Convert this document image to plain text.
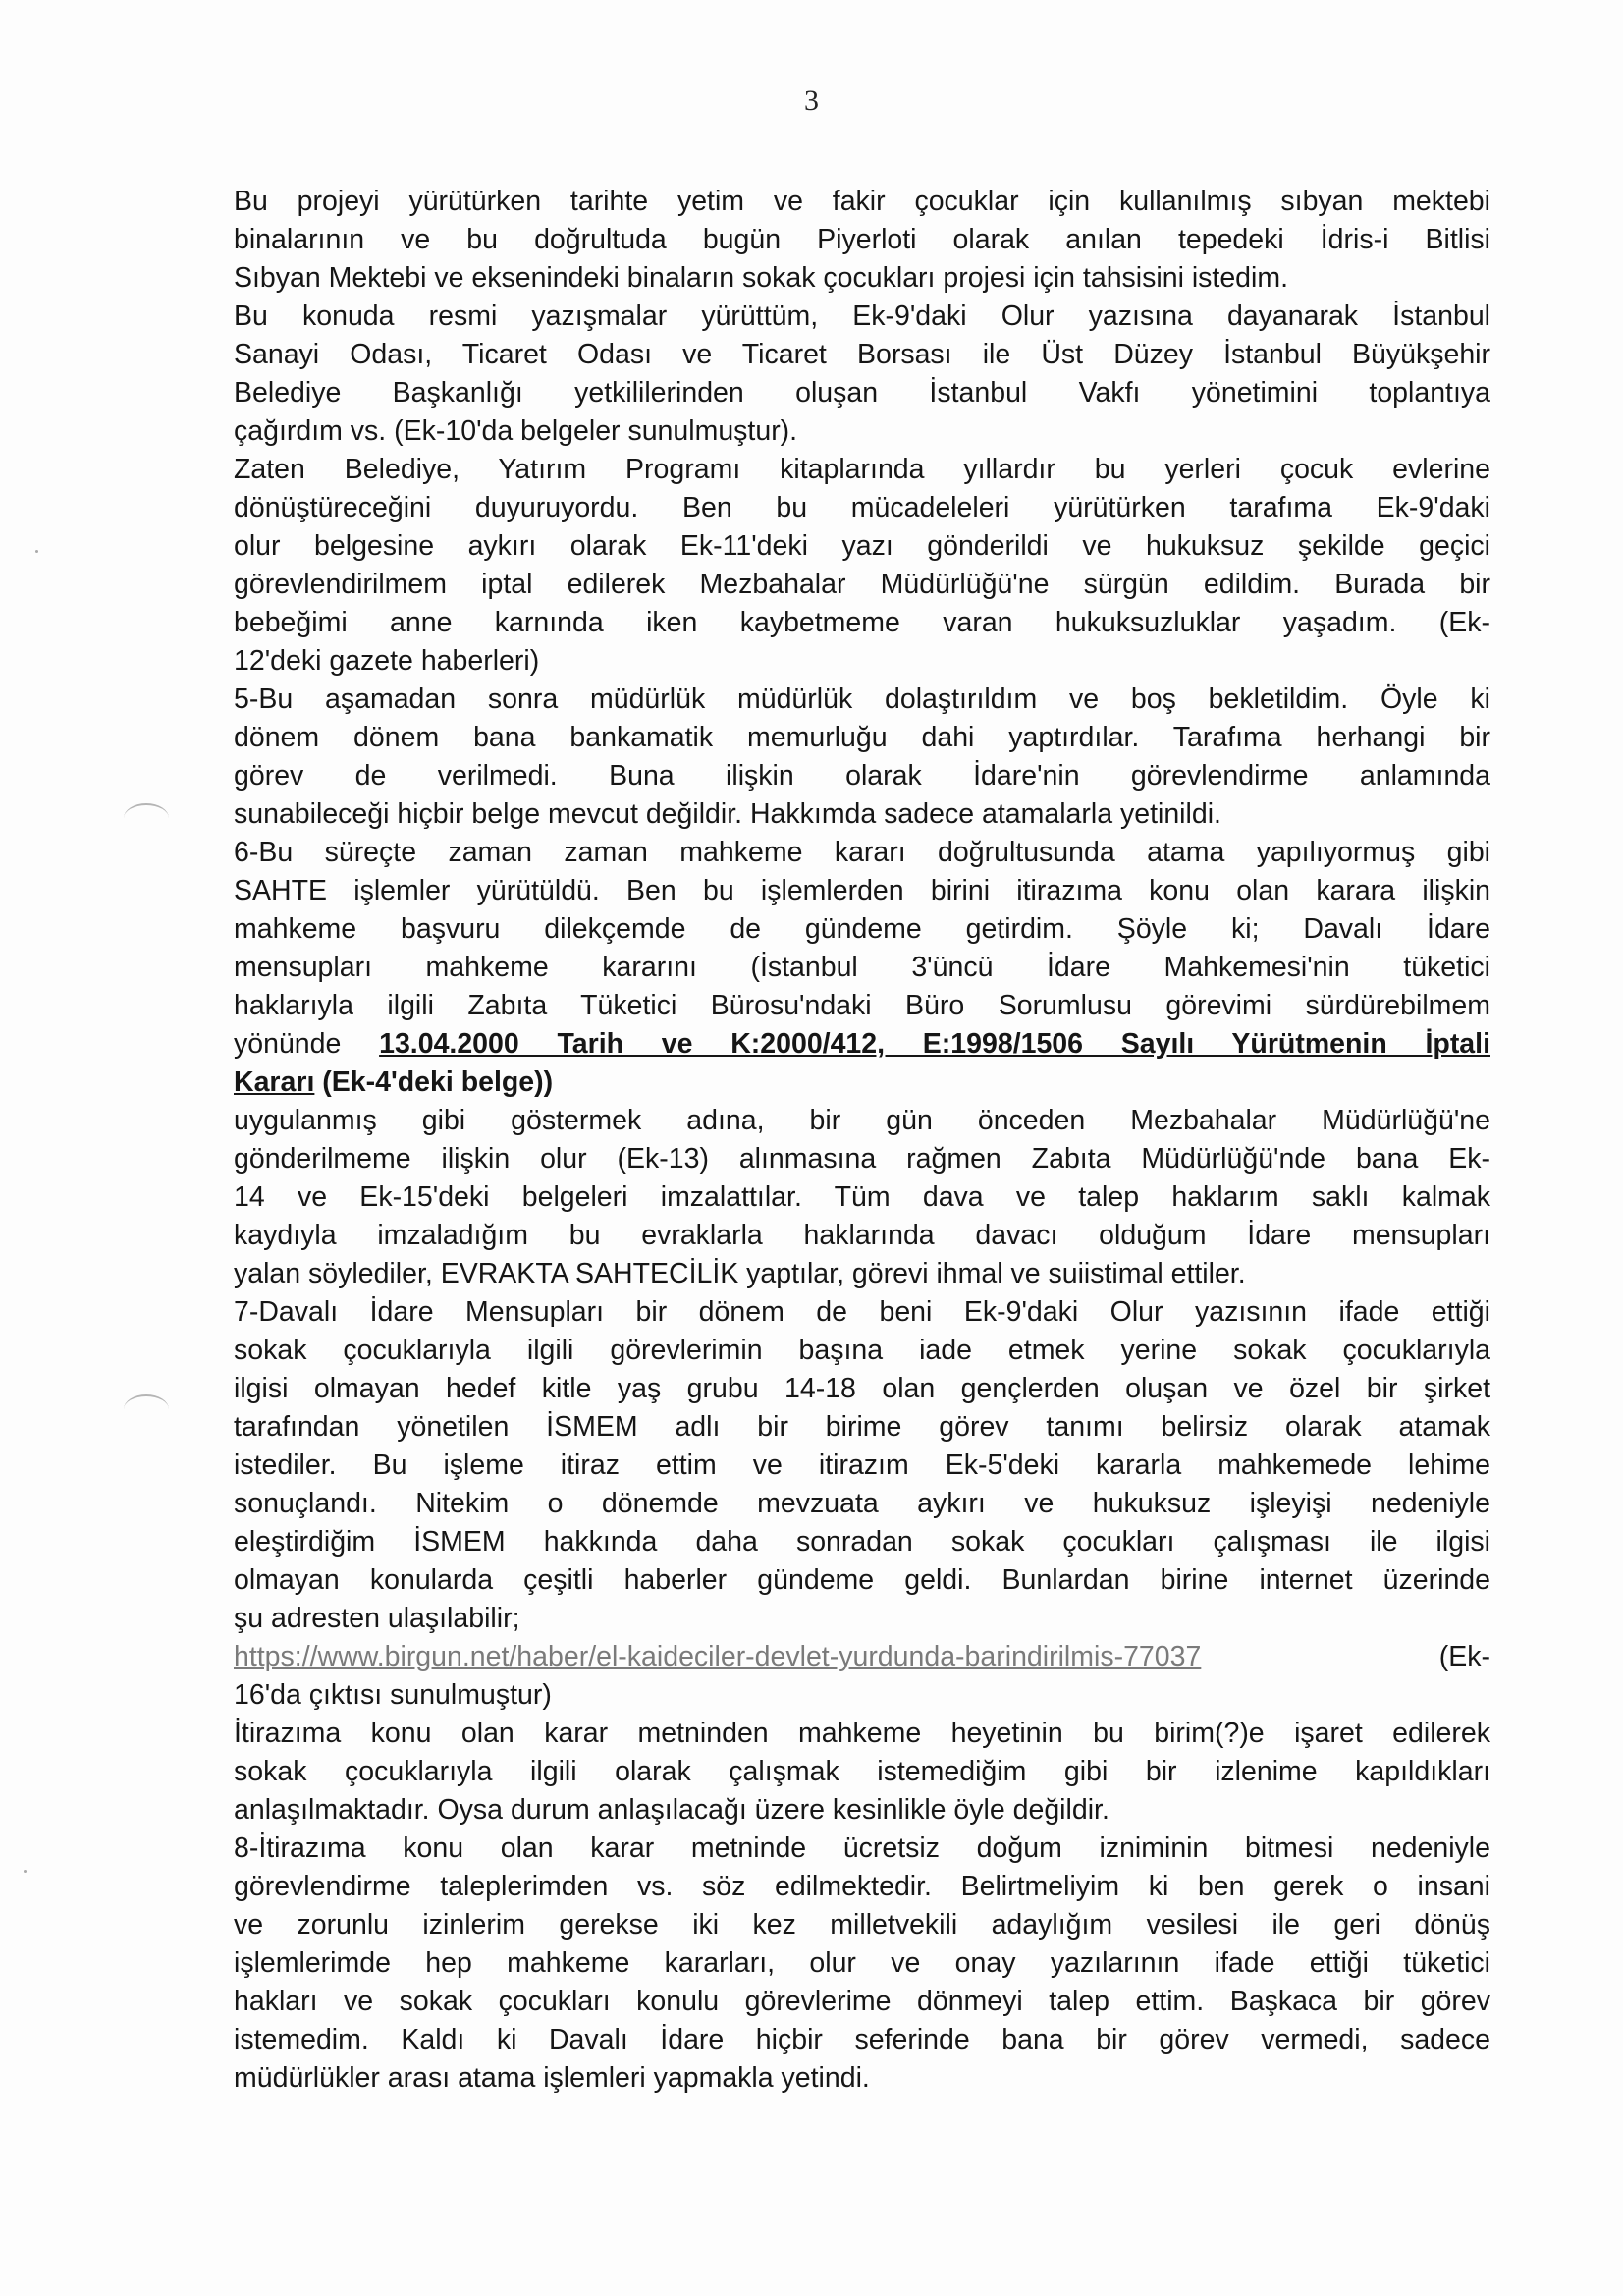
3
Bu projeyi yürütürken tarihte yetim ve fakir çocuklar için kullanılmış sıbyan mektebi
binalarının ve bu doğrultuda bugün Piyerloti olarak anılan tepedeki İdris-i Bitlisi
Sıbyan Mektebi ve eksenindeki binaların sokak çocukları projesi için tahsisini istedim.
Bu konuda resmi yazışmalar yürüttüm, Ek-9'daki Olur yazısına dayanarak İstanbul
Sanayi Odası, Ticaret Odası ve Ticaret Borsası ile Üst Düzey İstanbul Büyükşehir
Belediye Başkanlığı yetkililerinden oluşan İstanbul Vakfı yönetimini toplantıya
çağırdım vs. (Ek-10'da belgeler sunulmuştur).
Zaten Belediye, Yatırım Programı kitaplarında yıllardır bu yerleri çocuk evlerine
dönüştüreceğini duyuruyordu. Ben bu mücadeleleri yürütürken tarafıma Ek-9'daki
olur belgesine aykırı olarak Ek-11'deki yazı gönderildi ve hukuksuz şekilde geçici
görevlendirilmem iptal edilerek Mezbahalar Müdürlüğü'ne sürgün edildim. Burada bir
bebeğimi anne karnında iken kaybetmeme varan hukuksuzluklar yaşadım. (Ek-
12'deki gazete haberleri)
5-Bu aşamadan sonra müdürlük müdürlük dolaştırıldım ve boş bekletildim. Öyle ki
dönem dönem bana bankamatik memurluğu dahi yaptırdılar. Tarafıma herhangi bir
görev de verilmedi. Buna ilişkin olarak İdare'nin görevlendirme anlamında
sunabileceği hiçbir belge mevcut değildir. Hakkımda sadece atamalarla yetinildi.
6-Bu süreçte zaman zaman mahkeme kararı doğrultusunda atama yapılıyormuş gibi
SAHTE işlemler yürütüldü. Ben bu işlemlerden birini itirazıma konu olan karara ilişkin
mahkeme başvuru dilekçemde de gündeme getirdim. Şöyle ki; Davalı İdare
mensupları mahkeme kararını (İstanbul 3'üncü İdare Mahkemesi'nin tüketici
haklarıyla ilgili Zabıta Tüketici Bürosu'ndaki Büro Sorumlusu görevimi sürdürebilmem
yönünde 13.04.2000 Tarih ve K:2000/412, E:1998/1506 Sayılı Yürütmenin İptali
Kararı (Ek-4'deki belge))
uygulanmış gibi göstermek adına, bir gün önceden Mezbahalar Müdürlüğü'ne
gönderilmeme ilişkin olur (Ek-13) alınmasına rağmen Zabıta Müdürlüğü'nde bana Ek-
14 ve Ek-15'deki belgeleri imzalattılar. Tüm dava ve talep haklarım saklı kalmak
kaydıyla imzaladığım bu evraklarla haklarında davacı olduğum İdare mensupları
yalan söylediler, EVRAKTA SAHTECİLİK yaptılar, görevi ihmal ve suiistimal ettiler.
7-Davalı İdare Mensupları bir dönem de beni Ek-9'daki Olur yazısının ifade ettiği
sokak çocuklarıyla ilgili görevlerimin başına iade etmek yerine sokak çocuklarıyla
ilgisi olmayan hedef kitle yaş grubu 14-18 olan gençlerden oluşan ve özel bir şirket
tarafından yönetilen İSMEM adlı bir birime görev tanımı belirsiz olarak atamak
istediler. Bu işleme itiraz ettim ve itirazım Ek-5'deki kararla mahkemede lehime
sonuçlandı. Nitekim o dönemde mevzuata aykırı ve hukuksuz işleyişi nedeniyle
eleştirdiğim İSMEM hakkında daha sonradan sokak çocukları çalışması ile ilgisi
olmayan konularda çeşitli haberler gündeme geldi. Bunlardan birine internet üzerinde
şu adresten ulaşılabilir;
https://www.birgun.net/haber/el-kaideciler-devlet-yurdunda-barindirilmis-77037	(Ek-
16'da çıktısı sunulmuştur)
İtirazıma konu olan karar metninden mahkeme heyetinin bu birim(?)e işaret edilerek
sokak çocuklarıyla ilgili olarak çalışmak istemediğim gibi bir izlenime kapıldıkları
anlaşılmaktadır. Oysa durum anlaşılacağı üzere kesinlikle öyle değildir.
8-İtirazıma konu olan karar metninde ücretsiz doğum izniminin bitmesi nedeniyle
görevlendirme taleplerimden vs. söz edilmektedir. Belirtmeliyim ki ben gerek o insani
ve zorunlu izinlerim gerekse iki kez milletvekili adaylığım vesilesi ile geri dönüş
işlemlerimde hep mahkeme kararları, olur ve onay yazılarının ifade ettiği tüketici
hakları ve sokak çocukları konulu görevlerime dönmeyi talep ettim. Başkaca bir görev
istemedim. Kaldı ki Davalı İdare hiçbir seferinde bana bir görev vermedi, sadece
müdürlükler arası atama işlemleri yapmakla yetindi.
